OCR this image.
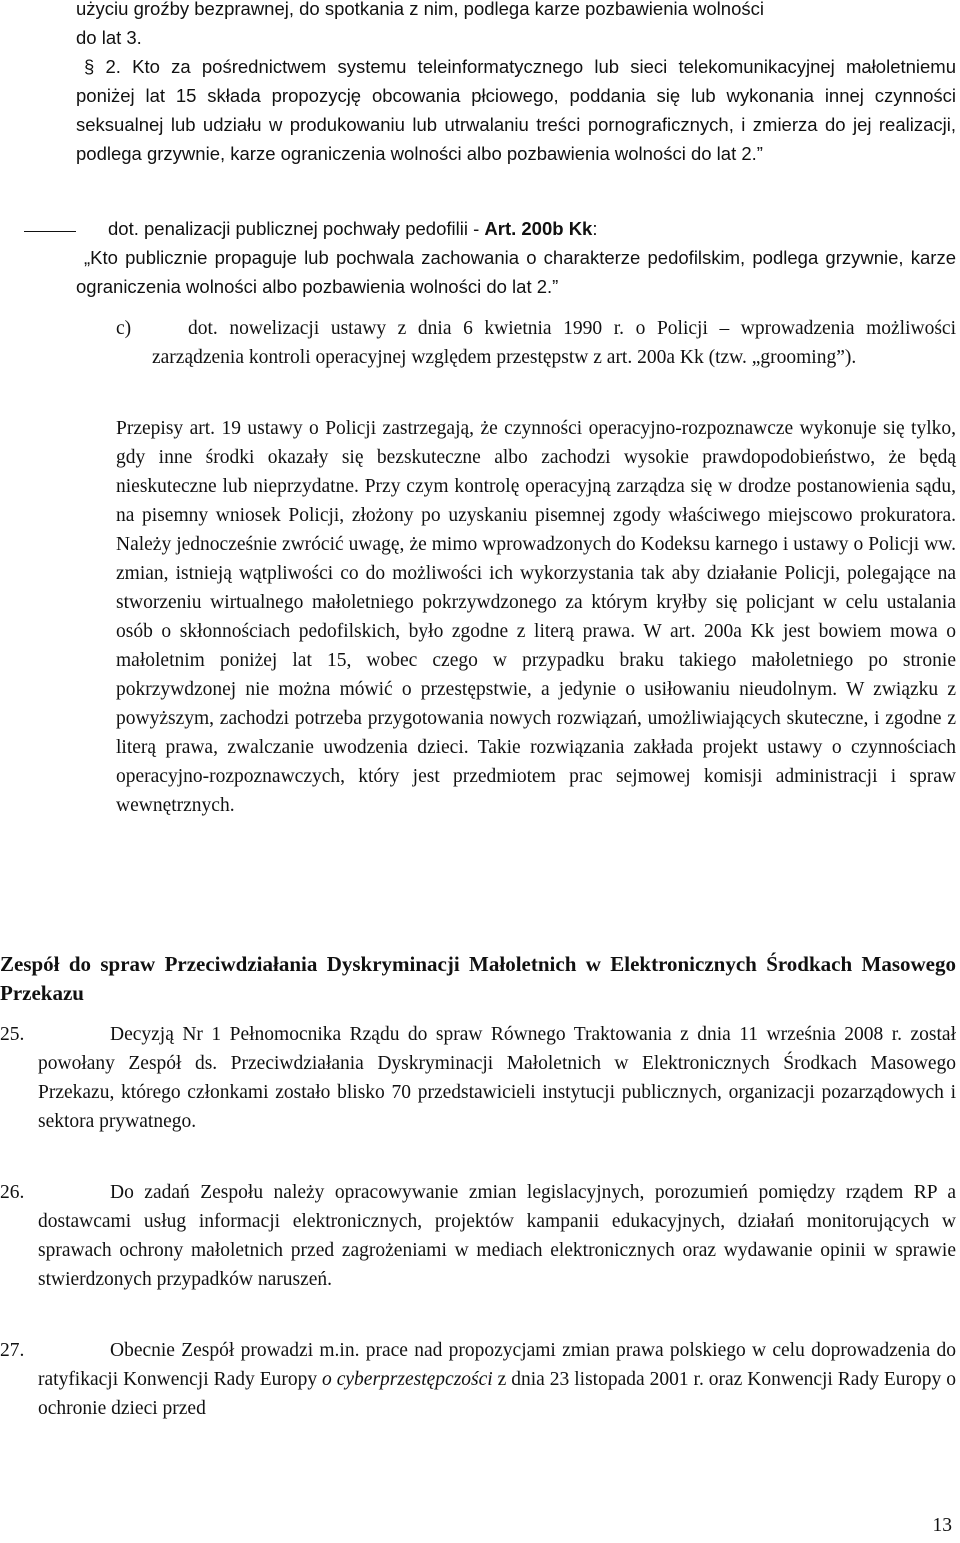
użyciu groźby bezprawnej, do spotkania z nim, podlega karze pozbawienia wolności

do lat 3.

§ 2. Kto za pośrednictwem systemu teleinformatycznego lub sieci telekomunikacyjnej małoletniemu poniżej lat 15 składa propozycję obcowania płciowego, poddania się lub wykonania innej czynności seksualnej lub udziału w produkowaniu lub utrwalaniu treści pornograficznych, i zmierza do jej realizacji, podlega grzywnie, karze ograniczenia wolności albo pozbawienia wolności do lat 2.”

dot. penalizacji publicznej pochwały pedofilii - Art. 200b Kk:

„Kto publicznie propaguje lub pochwala zachowania o charakterze pedofilskim, podlega grzywnie, karze ograniczenia wolności albo pozbawienia wolności do lat 2.”

c)	dot. nowelizacji ustawy z dnia 6 kwietnia 1990 r. o Policji – wprowadzenia możliwości zarządzenia kontroli operacyjnej względem przestępstw z art. 200a Kk (tzw. „grooming”).

Przepisy art. 19 ustawy o Policji zastrzegają, że czynności operacyjno-rozpoznawcze wykonuje się tylko, gdy inne środki okazały się bezskuteczne albo zachodzi wysokie prawdopodobieństwo, że będą nieskuteczne lub nieprzydatne. Przy czym kontrolę operacyjną zarządza się w drodze postanowienia sądu, na pisemny wniosek Policji, złożony po uzyskaniu pisemnej zgody właściwego miejscowo prokuratora. Należy jednocześnie zwrócić uwagę, że mimo wprowadzonych do Kodeksu karnego i ustawy o Policji ww. zmian, istnieją wątpliwości co do możliwości ich wykorzystania tak aby działanie Policji, polegające na stworzeniu wirtualnego małoletniego pokrzywdzonego za którym kryłby się policjant w celu ustalania osób o skłonnościach pedofilskich, było zgodne z literą prawa. W art. 200a Kk jest bowiem mowa o małoletnim poniżej lat 15, wobec czego w przypadku braku takiego małoletniego po stronie pokrzywdzonej nie można mówić o przestępstwie, a jedynie o usiłowaniu nieudolnym. W związku z powyższym, zachodzi potrzeba przygotowania nowych rozwiązań, umożliwiających skuteczne, i zgodne z literą prawa, zwalczanie uwodzenia dzieci. Takie rozwiązania zakłada projekt ustawy o czynnościach operacyjno-rozpoznawczych, który jest przedmiotem prac sejmowej komisji administracji i spraw wewnętrznych.

Zespół do spraw Przeciwdziałania Dyskryminacji Małoletnich w Elektronicznych Środkach Masowego Przekazu

25.	Decyzją Nr 1 Pełnomocnika Rządu do spraw Równego Traktowania z dnia 11 września 2008 r. został powołany Zespół ds. Przeciwdziałania Dyskryminacji Małoletnich w Elektronicznych Środkach Masowego Przekazu, którego członkami zostało blisko 70 przedstawicieli instytucji publicznych, organizacji pozarządowych i sektora prywatnego.

26.	Do zadań Zespołu należy opracowywanie zmian legislacyjnych, porozumień pomiędzy rządem RP a dostawcami usług informacji elektronicznych, projektów kampanii edukacyjnych, działań monitorujących w sprawach ochrony małoletnich przed zagrożeniami w mediach elektronicznych oraz wydawanie opinii w sprawie stwierdzonych przypadków naruszeń.

27.	Obecnie Zespół prowadzi m.in. prace nad propozycjami zmian prawa polskiego w celu doprowadzenia do ratyfikacji Konwencji Rady Europy o cyberprzestępczości z dnia 23 listopada 2001 r. oraz Konwencji Rady Europy o ochronie dzieci przed

13
